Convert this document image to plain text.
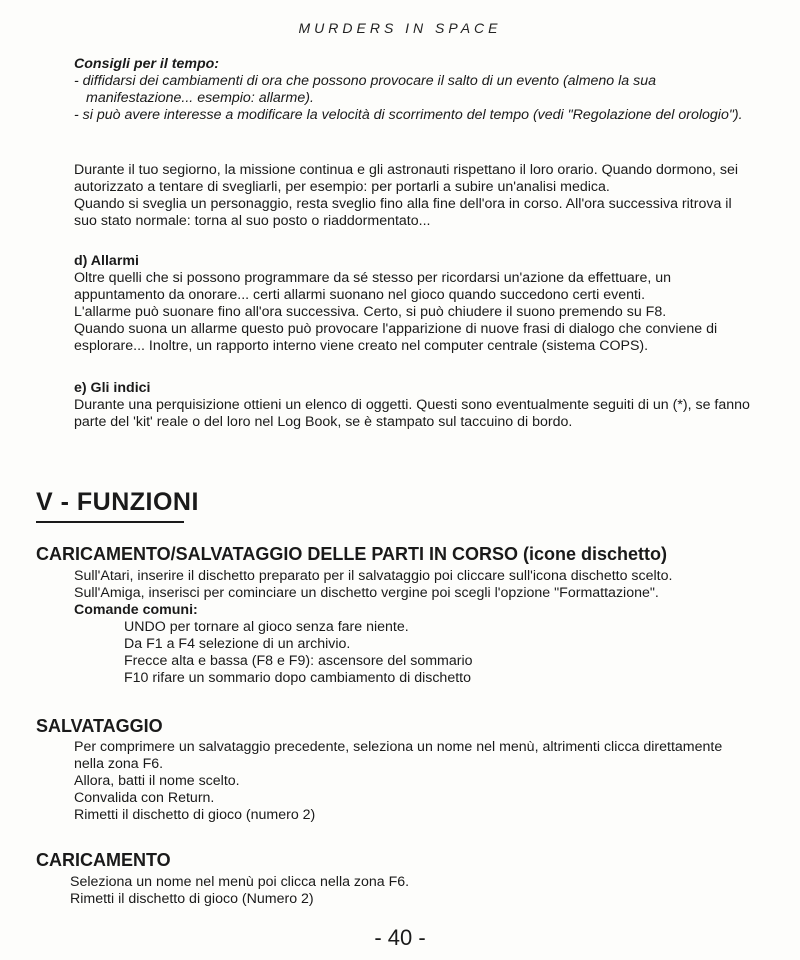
MURDERS IN SPACE
Consigli per il tempo:
- diffidarsi dei cambiamenti di ora che possono provocare il salto di un evento (almeno la sua manifestazione... esempio: allarme).
- si può avere interesse a modificare la velocità di scorrimento del tempo (vedi "Regolazione del orologio").

Durante il tuo segiorno, la missione continua e gli astronauti rispettano il loro orario. Quando dormono, sei autorizzato a tentare di svegliarli, per esempio: per portarli a subire un'analisi medica.

Quando si sveglia un personaggio, resta sveglio fino alla fine dell'ora in corso. All'ora successiva ritrova il suo stato normale: torna al suo posto o riaddormentato...

d) Allarmi

Oltre quelli che si possono programmare da sé stesso per ricordarsi un'azione da effettuare, un appuntamento da onorare... certi allarmi suonano nel gioco quando succedono certi eventi.

L'allarme può suonare fino all'ora successiva. Certo, si può chiudere il suono premendo su F8.

Quando suona un allarme questo può provocare l'apparizione di nuove frasi di dialogo che conviene di esplorare... Inoltre, un rapporto interno viene creato nel computer centrale (sistema COPS).

e) Gli indici

Durante una perquisizione ottieni un elenco di oggetti. Questi sono eventualmente seguiti di un (*), se fanno parte del 'kit' reale o del loro nel Log Book, se è stampato sul taccuino di bordo.

V - FUNZIONI
CARICAMENTO/SALVATAGGIO DELLE PARTI IN CORSO (icone dischetto)

Sull'Atari, inserire il dischetto preparato per il salvataggio poi cliccare sull'icona dischetto scelto.

Sull'Amiga, inserisci per cominciare un dischetto vergine poi scegli l'opzione "Formattazione".

Comande comuni:

UNDO per tornare al gioco senza fare niente.

Da F1 a F4 selezione di un archivio.

Frecce alta e bassa (F8 e F9): ascensore del sommario

F10 rifare un sommario dopo cambiamento di dischetto

SALVATAGGIO

Per comprimere un salvataggio precedente, seleziona un nome nel menù, altrimenti clicca direttamente nella zona F6.

Allora, batti il nome scelto.

Convalida con Return.

Rimetti il dischetto di gioco (numero 2)

CARICAMENTO

Seleziona un nome nel menù poi clicca nella zona F6.

Rimetti il dischetto di gioco (Numero 2)

- 40 -
